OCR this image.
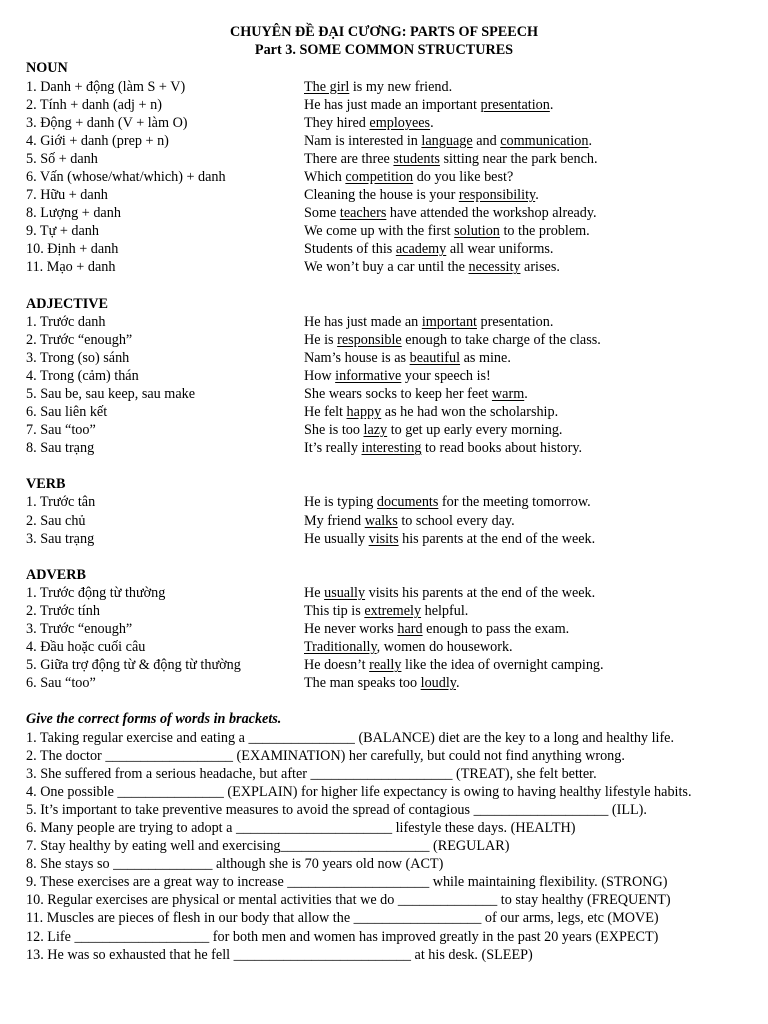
CHUYÊN ĐỀ ĐẠI CƯƠNG: PARTS OF SPEECH
Part 3. SOME COMMON STRUCTURES
NOUN
1. Danh + động (làm S + V)	The girl is my new friend.
2. Tính + danh (adj + n)	He has just made an important presentation.
3. Động + danh (V + làm O)	They hired employees.
4. Giới + danh (prep + n)	Nam is interested in language and communication.
5. Số + danh	There are three students sitting near the park bench.
6. Vấn (whose/what/which) + danh	Which competition do you like best?
7. Hữu + danh	Cleaning the house is your responsibility.
8. Lượng + danh	Some teachers have attended the workshop already.
9. Tự + danh	We come up with the first solution to the problem.
10. Định + danh	Students of this academy all wear uniforms.
11. Mạo + danh	We won’t buy a car until the necessity arises.
ADJECTIVE
1. Trước danh	He has just made an important presentation.
2. Trước “enough”	He is responsible enough to take charge of the class.
3. Trong (so) sánh	Nam’s house is as beautiful as mine.
4. Trong (cảm) thán	How informative your speech is!
5. Sau be, sau keep, sau make	She wears socks to keep her feet warm.
6. Sau liên kết	He felt happy as he had won the scholarship.
7. Sau “too”	She is too lazy to get up early every morning.
8. Sau trạng	It’s really interesting to read books about history.
VERB
1. Trước tân	He is typing documents for the meeting tomorrow.
2. Sau chủ	My friend walks to school every day.
3. Sau trạng	He usually visits his parents at the end of the week.
ADVERB
1. Trước động từ thường	He usually visits his parents at the end of the week.
2. Trước tính	This tip is extremely helpful.
3. Trước “enough”	He never works hard enough to pass the exam.
4. Đầu hoặc cuối câu	Traditionally, women do housework.
5. Giữa trợ động từ & động từ thường	He doesn’t really like the idea of overnight camping.
6. Sau “too”	The man speaks too loudly.
Give the correct forms of words in brackets.
1. Taking regular exercise and eating a _______________ (BALANCE) diet are the key to a long and healthy life.
2. The doctor __________________ (EXAMINATION) her carefully, but could not find anything wrong.
3. She suffered from a serious headache, but after ____________________ (TREAT), she felt better.
4. One possible _______________ (EXPLAIN) for higher life expectancy is owing to having healthy lifestyle habits.
5. It’s important to take preventive measures to avoid the spread of contagious ___________________ (ILL).
6. Many people are trying to adopt a ______________________ lifestyle these days. (HEALTH)
7. Stay healthy by eating well and exercising_____________________ (REGULAR)
8. She stays so ______________ although she is 70 years old now (ACT)
9. These exercises are a great way to increase ____________________ while maintaining flexibility. (STRONG)
10. Regular exercises are physical or mental activities that we do ______________ to stay healthy (FREQUENT)
11. Muscles are pieces of flesh in our body that allow the __________________ of our arms, legs, etc (MOVE)
12. Life ___________________ for both men and women has improved greatly in the past 20 years (EXPECT)
13. He was so exhausted that he fell _________________________ at his desk. (SLEEP)
